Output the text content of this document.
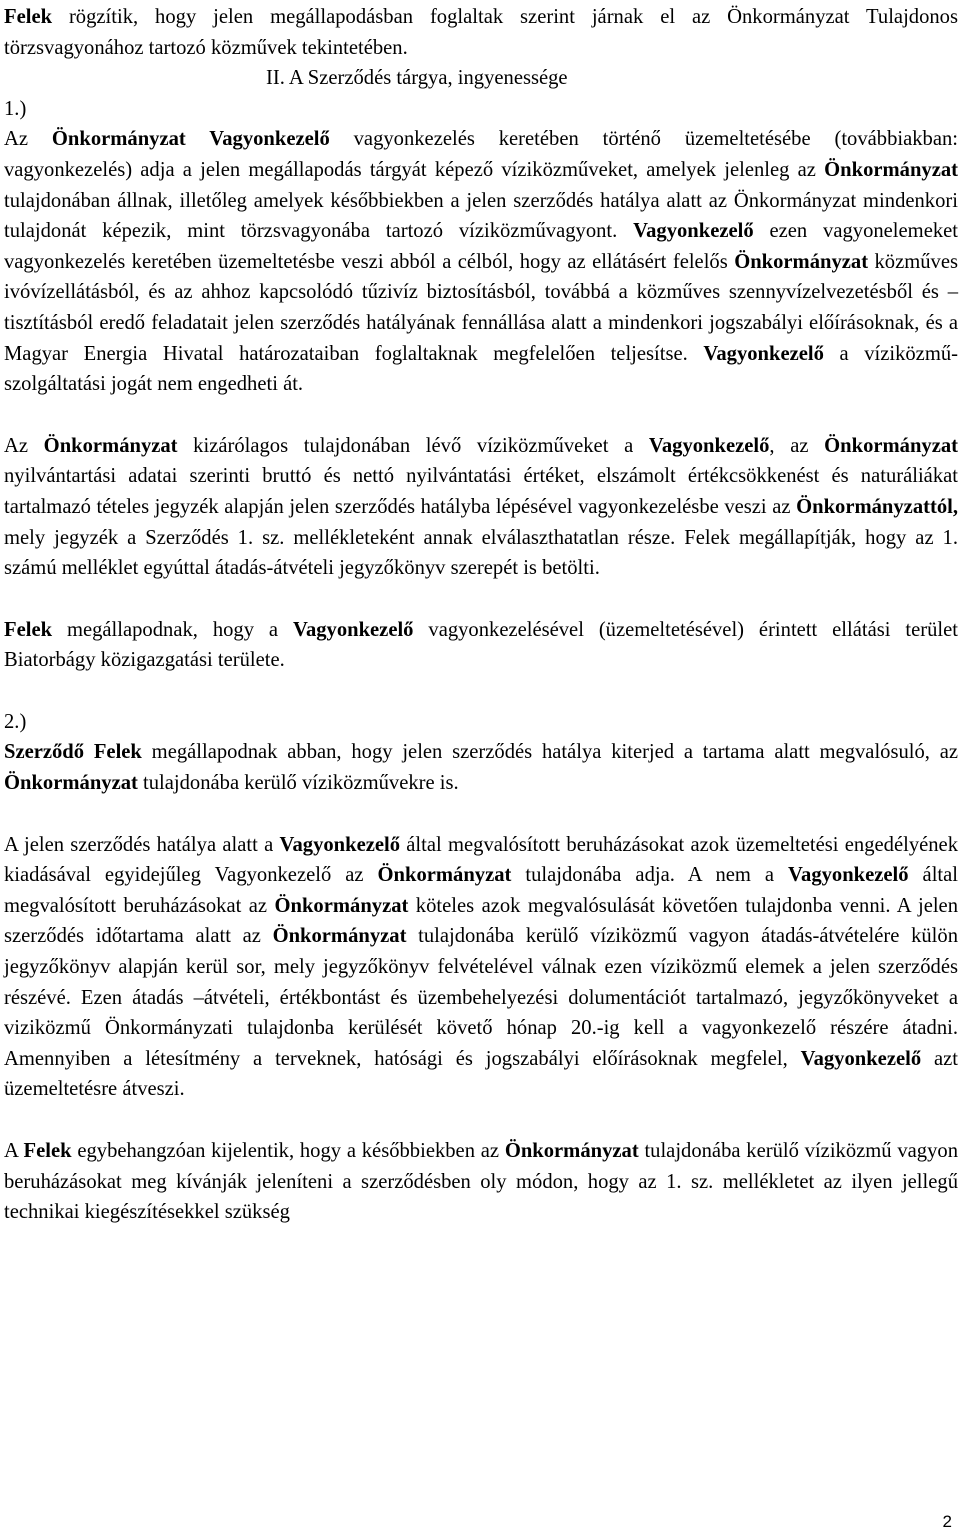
Felek rögzítik, hogy jelen megállapodásban foglaltak szerint járnak el az Önkormányzat Tulajdonos törzsvagyonához tartozó közművek tekintetében.

II. A Szerződés tárgya, ingyenessége

1.)

Az Önkormányzat Vagyonkezelő vagyonkezelés keretében történő üzemeltetésébe (továbbiakban: vagyonkezelés) adja a jelen megállapodás tárgyát képező víziközműveket, amelyek jelenleg az Önkormányzat tulajdonában állnak, illetőleg amelyek későbbiekben a jelen szerződés hatálya alatt az Önkormányzat mindenkori tulajdonát képezik, mint törzsvagyonába tartozó víziközművagyont. Vagyonkezelő ezen vagyonelemeket vagyonkezelés keretében üzemeltetésbe veszi abból a célból, hogy az ellátásért felelős Önkormányzat közműves ivóvízellátásból, és az ahhoz kapcsolódó tűzivíz biztosításból, továbbá a közműves szennyvízelvezetésből és – tisztításból eredő feladatait jelen szerződés hatályának fennállása alatt a mindenkori jogszabályi előírásoknak, és a Magyar Energia Hivatal határozataiban foglaltaknak megfelelően teljesítse. Vagyonkezelő a víziközmű-szolgáltatási jogát nem engedheti át.

Az Önkormányzat kizárólagos tulajdonában lévő víziközműveket a Vagyonkezelő, az Önkormányzat nyilvántartási adatai szerinti bruttó és nettó nyilvántatási értéket, elszámolt értékcsökkenést és naturáliákat tartalmazó tételes jegyzék alapján jelen szerződés hatályba lépésével vagyonkezelésbe veszi az Önkormányzattól, mely jegyzék a Szerződés 1. sz. mellékleteként annak elválaszthatatlan része. Felek megállapítják, hogy az 1. számú melléklet egyúttal átadás-átvételi jegyzőkönyv szerepét is betölti.

Felek megállapodnak, hogy a Vagyonkezelő vagyonkezelésével (üzemeltetésével) érintett ellátási terület Biatorbágy közigazgatási területe.

2.)

Szerződő Felek megállapodnak abban, hogy jelen szerződés hatálya kiterjed a tartama alatt megvalósuló, az Önkormányzat tulajdonába kerülő víziközművekre is.

A jelen szerződés hatálya alatt a Vagyonkezelő által megvalósított beruházásokat azok üzemeltetési engedélyének kiadásával egyidejűleg Vagyonkezelő az Önkormányzat tulajdonába adja. A nem a Vagyonkezelő által megvalósított beruházásokat az Önkormányzat köteles azok megvalósulását követően tulajdonba venni. A jelen szerződés időtartama alatt az Önkormányzat tulajdonába kerülő víziközmű vagyon átadás-átvételére külön jegyzőkönyv alapján kerül sor, mely jegyzőkönyv felvételével válnak ezen víziközmű elemek a jelen szerződés részévé. Ezen átadás –átvételi, értékbontást és üzembehelyezési dolumentációt tartalmazó, jegyzőkönyveket a viziközmű Önkormányzati tulajdonba kerülését követő hónap 20.-ig kell a vagyonkezelő részére átadni. Amennyiben a létesítmény a terveknek, hatósági és jogszabályi előírásoknak megfelel, Vagyonkezelő azt üzemeltetésre átveszi.

A Felek egybehangzóan kijelentik, hogy a későbbiekben az Önkormányzat tulajdonába kerülő víziközmű vagyon beruházásokat meg kívánják jeleníteni a szerződésben oly módon, hogy az 1. sz. mellékletet az ilyen jellegű technikai kiegészítésekkel szükség

2
